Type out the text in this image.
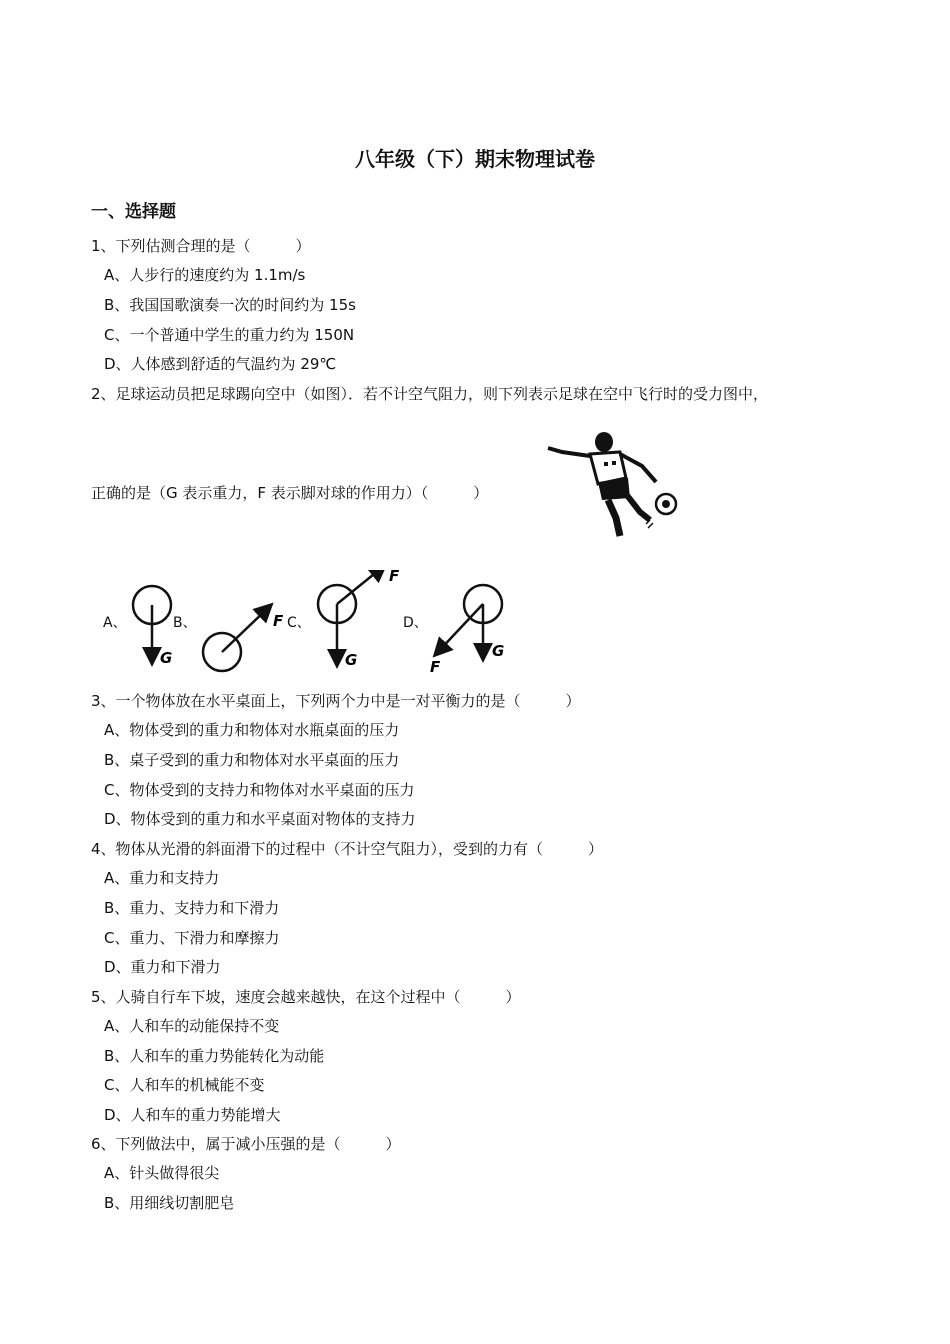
八年级（下）期末物理试卷
一、选择题
1、下列估测合理的是（　　　）
A、人步行的速度约为 1.1m/s
B、我国国歌演奏一次的时间约为 15s
C、一个普通中学生的重力约为 150N
D、人体感到舒适的气温约为 29℃
2、足球运动员把足球踢向空中（如图）．若不计空气阻力，则下列表示足球在空中飞行时的受力图中，
正确的是（G 表示重力，F 表示脚对球的作用力）（　　　）
A、	B、	C、	D、
G
F
G
F
G
F
3、一个物体放在水平桌面上，下列两个力中是一对平衡力的是（　　　）
A、物体受到的重力和物体对水瓶桌面的压力
B、桌子受到的重力和物体对水平桌面的压力
C、物体受到的支持力和物体对水平桌面的压力
D、物体受到的重力和水平桌面对物体的支持力
4、物体从光滑的斜面滑下的过程中（不计空气阻力），受到的力有（　　　）
A、重力和支持力
B、重力、支持力和下滑力
C、重力、下滑力和摩擦力
D、重力和下滑力
5、人骑自行车下坡，速度会越来越快，在这个过程中（　　　）
A、人和车的动能保持不变
B、人和车的重力势能转化为动能
C、人和车的机械能不变
D、人和车的重力势能增大
6、下列做法中，属于减小压强的是（　　　）
A、针头做得很尖
B、用细线切割肥皂
